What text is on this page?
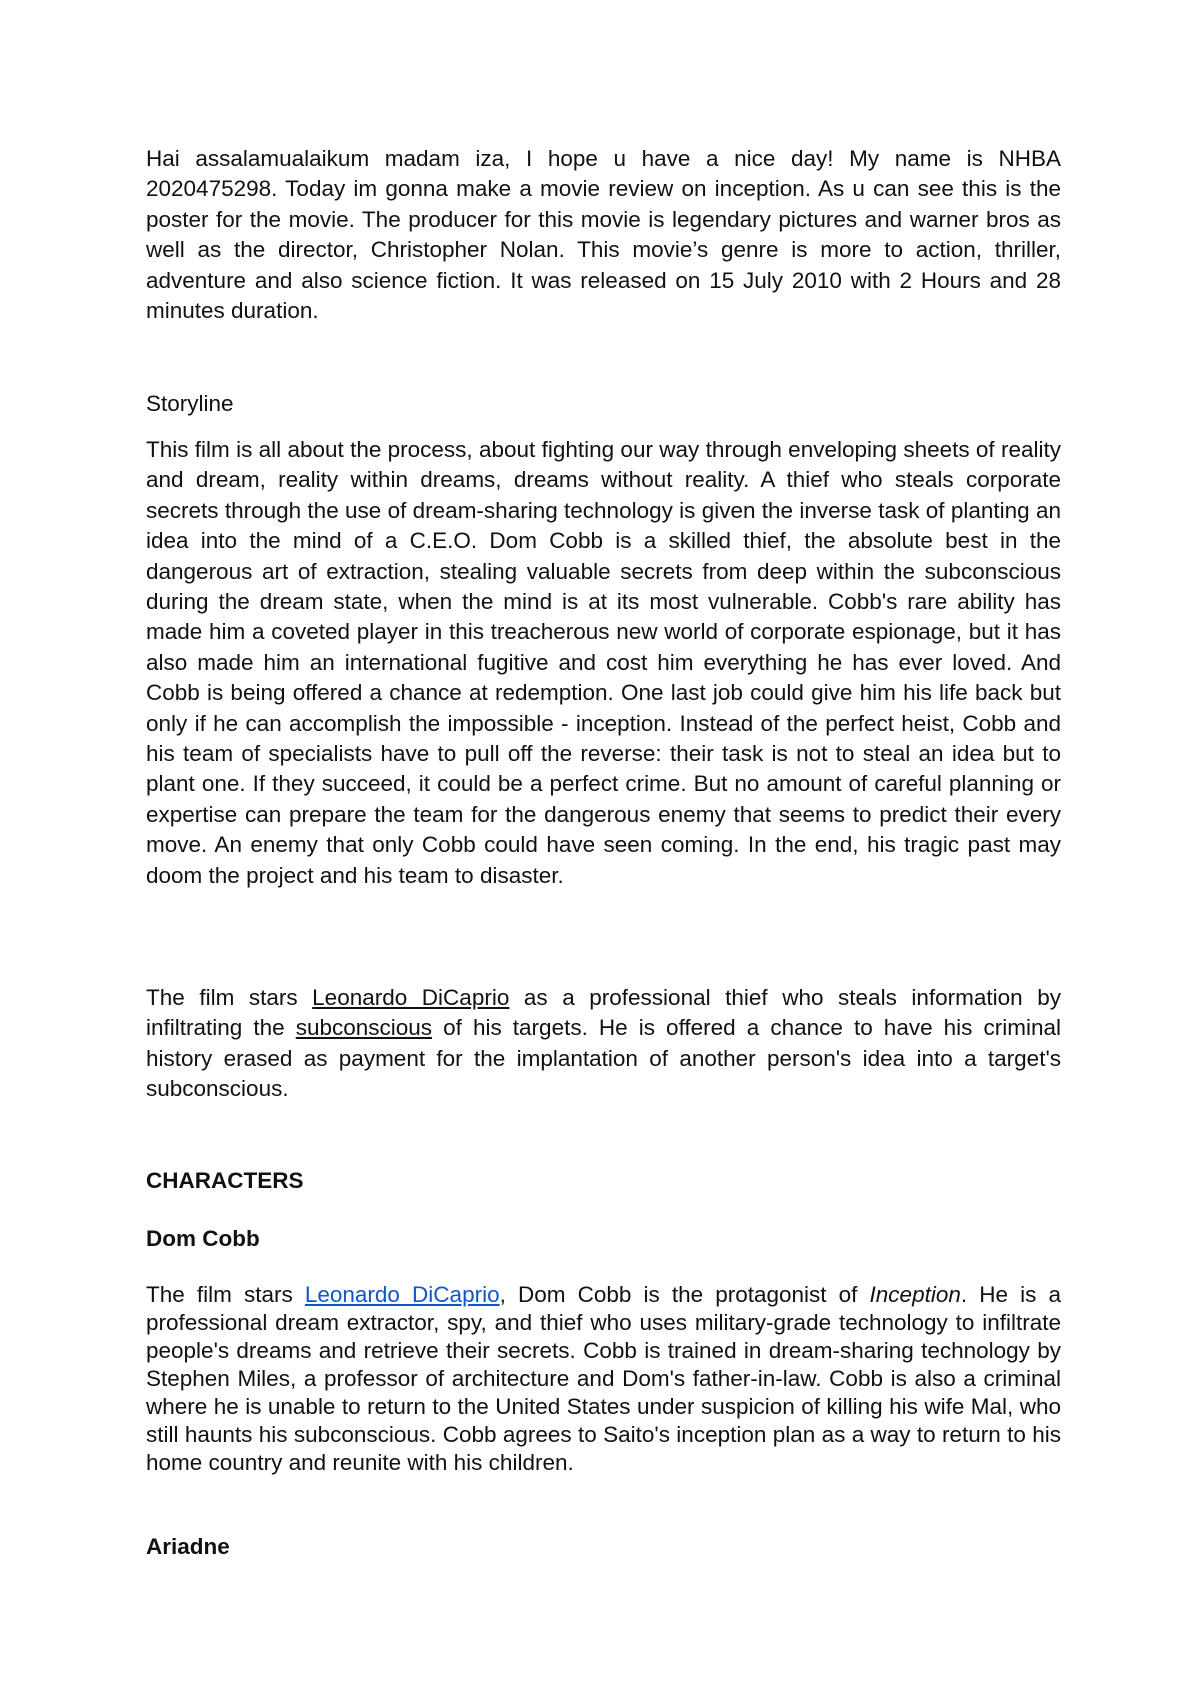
Hai assalamualaikum madam iza, I hope u have a nice day! My name is NHBA 2020475298. Today im gonna make a movie review on inception. As u can see this is the poster for the movie. The producer for this movie is legendary pictures and warner bros as well as the director, Christopher Nolan. This movie’s genre is more to action, thriller, adventure and also science fiction. It was released on 15 July 2010 with 2 Hours and 28 minutes duration.

Storyline

This film is all about the process, about fighting our way through enveloping sheets of reality and dream, reality within dreams, dreams without reality. A thief who steals corporate secrets through the use of dream-sharing technology is given the inverse task of planting an idea into the mind of a C.E.O. Dom Cobb is a skilled thief, the absolute best in the dangerous art of extraction, stealing valuable secrets from deep within the subconscious during the dream state, when the mind is at its most vulnerable. Cobb's rare ability has made him a coveted player in this treacherous new world of corporate espionage, but it has also made him an international fugitive and cost him everything he has ever loved. And Cobb is being offered a chance at redemption. One last job could give him his life back but only if he can accomplish the impossible - inception. Instead of the perfect heist, Cobb and his team of specialists have to pull off the reverse: their task is not to steal an idea but to plant one. If they succeed, it could be a perfect crime. But no amount of careful planning or expertise can prepare the team for the dangerous enemy that seems to predict their every move. An enemy that only Cobb could have seen coming. In the end, his tragic past may doom the project and his team to disaster.

The film stars Leonardo DiCaprio as a professional thief who steals information by infiltrating the subconscious of his targets. He is offered a chance to have his criminal history erased as payment for the implantation of another person's idea into a target's subconscious.

CHARACTERS

Dom Cobb

The film stars Leonardo DiCaprio, Dom Cobb is the protagonist of Inception. He is a professional dream extractor, spy, and thief who uses military-grade technology to infiltrate people's dreams and retrieve their secrets. Cobb is trained in dream-sharing technology by Stephen Miles, a professor of architecture and Dom's father-in-law. Cobb is also a criminal where he is unable to return to the United States under suspicion of killing his wife Mal, who still haunts his subconscious. Cobb agrees to Saito's inception plan as a way to return to his home country and reunite with his children.

Ariadne
